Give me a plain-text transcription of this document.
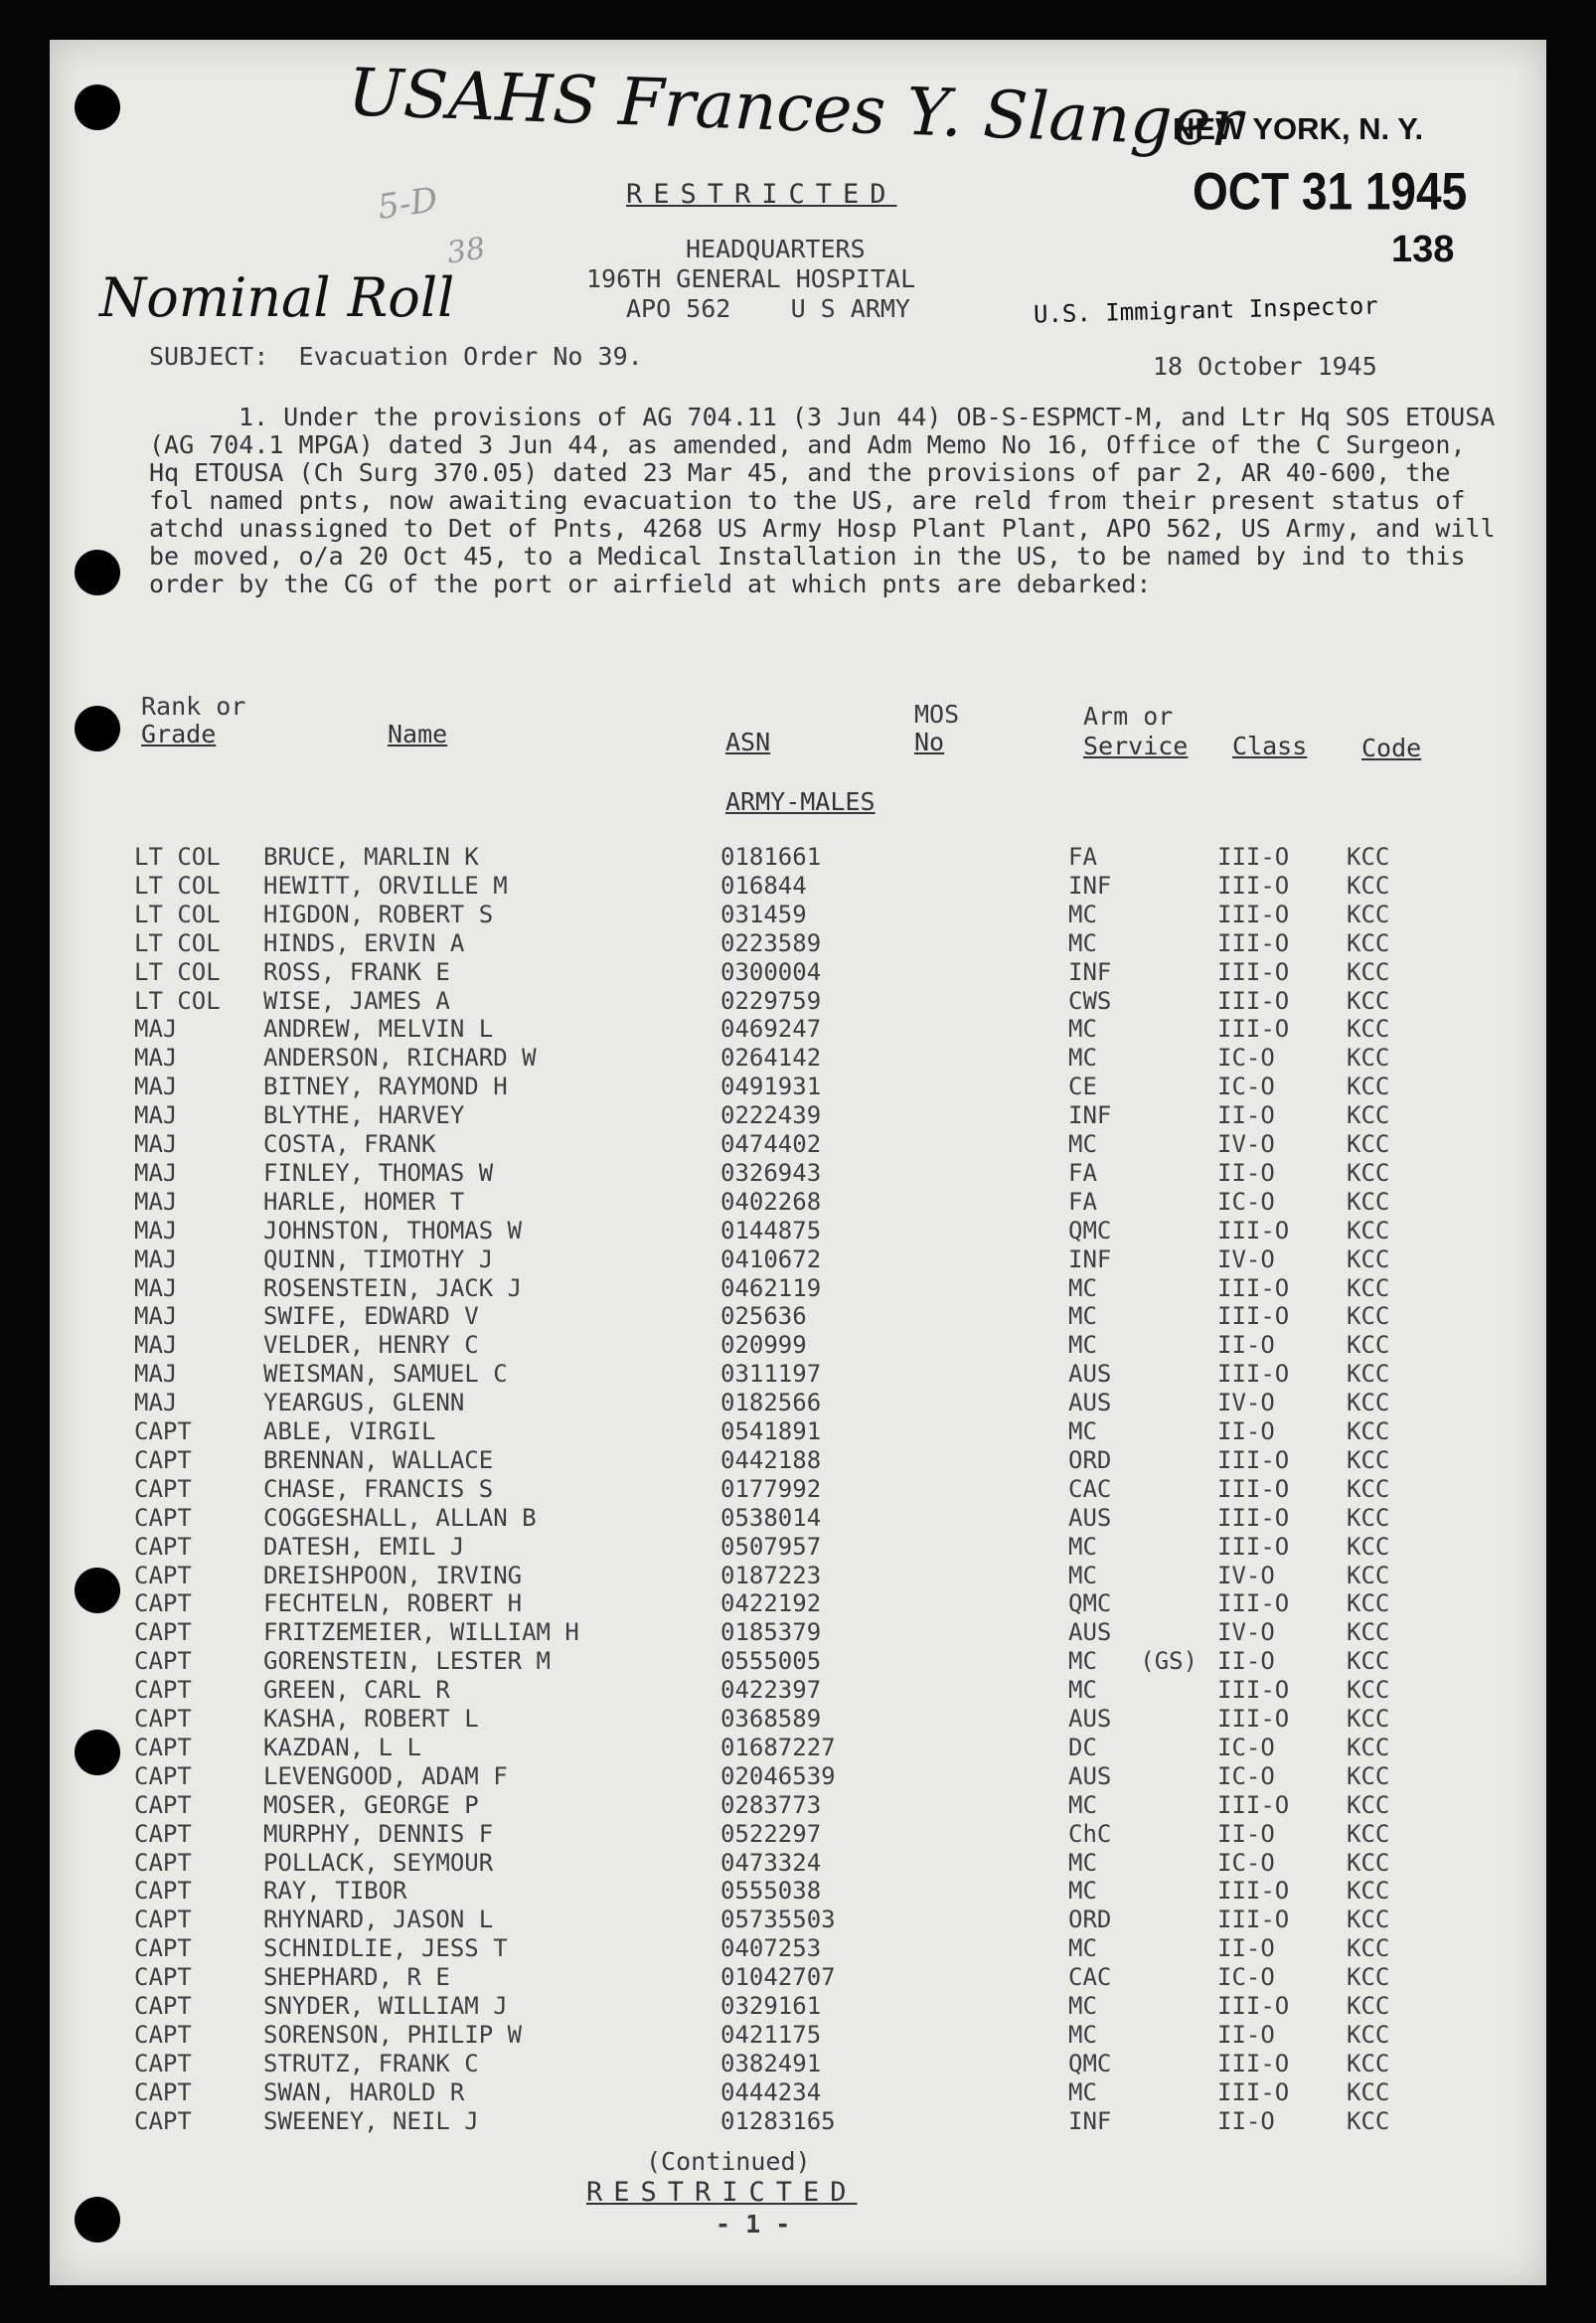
USAHS Frances Y. Slanger
Nominal Roll
5-D
38
NEW YORK, N. Y.
OCT 31 1945
138
U.S. Immigrant Inspector
RESTRICTED
HEADQUARTERS
196TH GENERAL HOSPITAL
APO 562    U S ARMY
SUBJECT:  Evacuation Order No 39.	18 October 1945
1. Under the provisions of AG 704.11 (3 Jun 44) OB-S-ESPMCT-M, and Ltr Hq SOS ETOUSA (AG 704.1 MPGA) dated 3 Jun 44, as amended, and Adm Memo No 16, Office of the C Surgeon, Hq ETOUSA (Ch Surg 370.05) dated 23 Mar 45, and the provisions of par 2, AR 40-600, the fol named pnts, now awaiting evacuation to the US, are reld from their present status of atchd unassigned to Det of Pnts, 4268 US Army Hosp Plant Plant, APO 562, US Army, and will be moved, o/a 20 Oct 45, to a Medical Installation in the US, to be named by ind to this order by the CG of the port or airfield at which pnts are debarked:
Rank or
Grade	Name	ASN
MOS
No
Arm or
Service Class Code
ARMY-MALES
LT COL BRUCE, MARLIN K	0181661	FA	III-O KCC
LT COL HEWITT, ORVILLE M	016844	INF	III-O KCC
LT COL HIGDON, ROBERT S	031459	MC	III-O KCC
LT COL HINDS, ERVIN A	0223589	MC	III-O KCC
LT COL ROSS, FRANK E	0300004	INF	III-O KCC
LT COL WISE, JAMES A	0229759	CWS	III-O KCC
MAJ	ANDREW, MELVIN L	0469247	MC	III-O KCC
MAJ	ANDERSON, RICHARD W	0264142	MC	IC-O	KCC
MAJ	BITNEY, RAYMOND H	0491931	CE	IC-O	KCC
MAJ	BLYTHE, HARVEY	0222439	INF	II-O	KCC
MAJ	COSTA, FRANK	0474402	MC	IV-O	KCC
MAJ	FINLEY, THOMAS W	0326943	FA	II-O	KCC
MAJ	HARLE, HOMER T	0402268	FA	IC-O	KCC
MAJ	JOHNSTON, THOMAS W	0144875	QMC	III-O KCC
MAJ	QUINN, TIMOTHY J	0410672	INF	IV-O	KCC
MAJ	ROSENSTEIN, JACK J	0462119	MC	III-O KCC
MAJ	SWIFE, EDWARD V	025636	MC	III-O KCC
MAJ	VELDER, HENRY C	020999	MC	II-O	KCC
MAJ	WEISMAN, SAMUEL C	0311197	AUS	III-O KCC
MAJ	YEARGUS, GLENN	0182566	AUS	IV-O	KCC
CAPT	ABLE, VIRGIL	0541891	MC	II-O	KCC
CAPT	BRENNAN, WALLACE	0442188	ORD	III-O KCC
CAPT	CHASE, FRANCIS S	0177992	CAC	III-O KCC
CAPT	COGGESHALL, ALLAN B	0538014	AUS	III-O KCC
CAPT	DATESH, EMIL J	0507957	MC	III-O KCC
CAPT	DREISHPOON, IRVING	0187223	MC	IV-O	KCC
CAPT	FECHTELN, ROBERT H	0422192	QMC	III-O KCC
CAPT	FRITZEMEIER, WILLIAM H	0185379	AUS	IV-O	KCC
CAPT	GORENSTEIN, LESTER M	0555005	MC   (GS) II-O	KCC
CAPT	GREEN, CARL R	0422397	MC	III-O KCC
CAPT	KASHA, ROBERT L	0368589	AUS	III-O KCC
CAPT	KAZDAN, L L	01687227	DC	IC-O	KCC
CAPT	LEVENGOOD, ADAM F	02046539	AUS	IC-O	KCC
CAPT	MOSER, GEORGE P	0283773	MC	III-O KCC
CAPT	MURPHY, DENNIS F	0522297	ChC	II-O	KCC
CAPT	POLLACK, SEYMOUR	0473324	MC	IC-O	KCC
CAPT	RAY, TIBOR	0555038	MC	III-O KCC
CAPT	RHYNARD, JASON L	05735503	ORD	III-O KCC
CAPT	SCHNIDLIE, JESS T	0407253	MC	II-O	KCC
CAPT	SHEPHARD, R E	01042707	CAC	IC-O	KCC
CAPT	SNYDER, WILLIAM J	0329161	MC	III-O KCC
CAPT	SORENSON, PHILIP W	0421175	MC	II-O	KCC
CAPT	STRUTZ, FRANK C	0382491	QMC	III-O KCC
CAPT	SWAN, HAROLD R	0444234	MC	III-O KCC
CAPT	SWEENEY, NEIL J	01283165	INF	II-O	KCC
(Continued)
RESTRICTED
- 1 -
